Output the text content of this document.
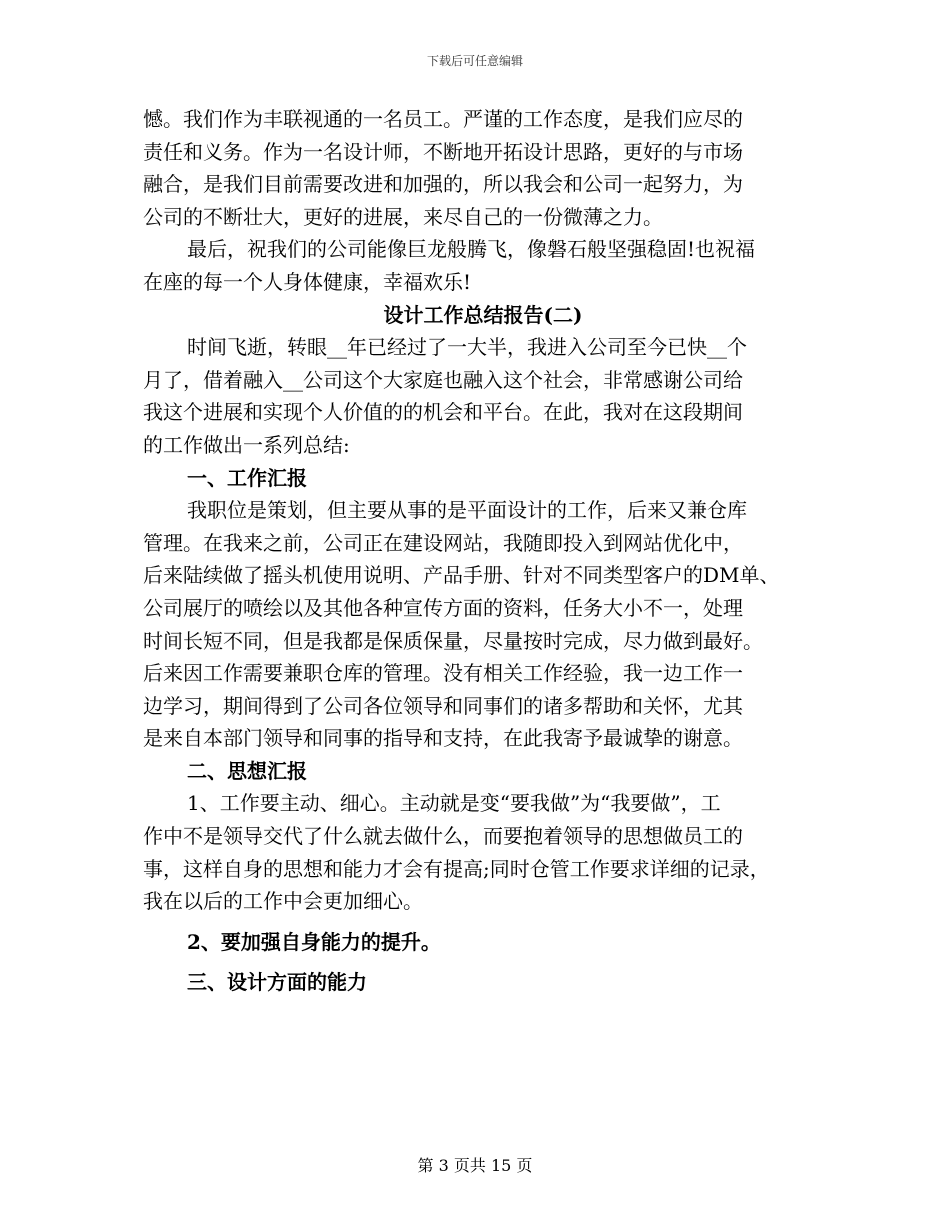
下载后可任意编辑
憾。我们作为丰联视通的一名员工。严谨的工作态度，是我们应尽的
责任和义务。作为一名设计师，不断地开拓设计思路，更好的与市场
融合，是我们目前需要改进和加强的，所以我会和公司一起努力，为
公司的不断壮大，更好的进展，来尽自己的一份微薄之力。
最后，祝我们的公司能像巨龙般腾飞，像磐石般坚强稳固!也祝福
在座的每一个人身体健康，幸福欢乐!
设计工作总结报告(二)
时间飞逝，转眼__年已经过了一大半，我进入公司至今已快__个
月了，借着融入__公司这个大家庭也融入这个社会，非常感谢公司给
我这个进展和实现个人价值的的机会和平台。在此，我对在这段期间
的工作做出一系列总结:
一、工作汇报
我职位是策划，但主要从事的是平面设计的工作，后来又兼仓库
管理。在我来之前，公司正在建设网站，我随即投入到网站优化中，
后来陆续做了摇头机使用说明、产品手册、针对不同类型客户的DM单、
公司展厅的喷绘以及其他各种宣传方面的资料，任务大小不一，处理
时间长短不同，但是我都是保质保量，尽量按时完成，尽力做到最好。
后来因工作需要兼职仓库的管理。没有相关工作经验，我一边工作一
边学习，期间得到了公司各位领导和同事们的诸多帮助和关怀，尤其
是来自本部门领导和同事的指导和支持，在此我寄予最诚挚的谢意。
二、思想汇报
1、工作要主动、细心。主动就是变“要我做”为“我要做”，工
作中不是领导交代了什么就去做什么，而要抱着领导的思想做员工的
事，这样自身的思想和能力才会有提高;同时仓管工作要求详细的记录，
我在以后的工作中会更加细心。
2、要加强自身能力的提升。
三、设计方面的能力
第 3 页共 15 页
